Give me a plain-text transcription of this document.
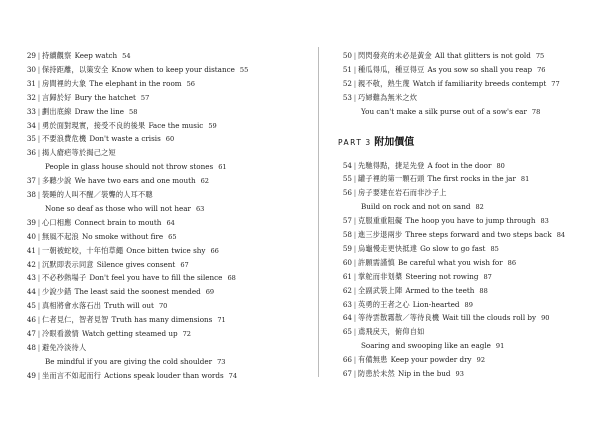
29 | 持續觀察 Keep watch 54
30 | 保持距離，以策安全 Know when to keep your distance 55
31 | 房間裡的大象 The elephant in the room 56
32 | 言歸於好 Bury the hatchet 57
33 | 劃出底線 Draw the line 58
34 | 勇於面對現實，接受不良的後果 Face the music 59
35 | 不要浪費危機 Don't waste a crisis 60
36 | 揭人瘡疤等於揭己之短
People in glass house should not throw stones 61
37 | 多聽少說 We have two ears and one mouth 62
38 | 裝睡的人叫不醒／裝聾的人耳不聰
None so deaf as those who will not hear 63
39 | 心口相應 Connect brain to mouth 64
40 | 無風不起浪 No smoke without fire 65
41 | 一朝被蛇咬，十年怕草繩 Once bitten twice shy 66
42 | 沉默即表示同意 Silence gives consent 67
43 | 不必秒熱場子 Don't feel you have to fill the silence 68
44 | 少說少錯 The least said the soonest mended 69
45 | 真相將會水落石出 Truth will out 70
46 | 仁者見仁，智者見智 Truth has many dimensions 71
47 | 冷眼看激情 Watch getting steamed up 72
48 | 避免冷淡待人
Be mindful if you are giving the cold shoulder 73
49 | 坐而言不如起而行 Actions speak louder than words 74
50 | 閃閃發亮的未必是黃金 All that glitters is not gold 75
51 | 種瓜得瓜，種豆得豆 As you sow so shall you reap 76
52 | 親不敬，熟生蔑 Watch if familiarity breeds contempt 77
53 | 巧婦難為無米之炊
You can't make a silk purse out of a sow's ear 78
PART 3 附加價值
54 | 先馳得點，捷足先登 A foot in the door 80
55 | 罐子裡的第一顆石頭 The first rocks in the jar 81
56 | 房子要建在岩石而非沙子上
Build on rock and not on sand 82
57 | 克服重重阻礙 The hoop you have to jump through 83
58 | 進三步退兩步 Three steps forward and two steps back 84
59 | 烏龜慢走更快抵達 Go slow to go fast 85
60 | 許願需謹慎 Be careful what you wish for 86
61 | 掌舵而非划槳 Steering not rowing 87
62 | 全副武裝上陣 Armed to the teeth 88
63 | 英勇的王者之心 Lion-hearted 89
64 | 等待雲散霧散／等待良機 Wait till the clouds roll by 90
65 | 鳶飛戾天，俯仰自如
Soaring and swooping like an eagle 91
66 | 有備無患 Keep your powder dry 92
67 | 防患於未然 Nip in the bud 93
